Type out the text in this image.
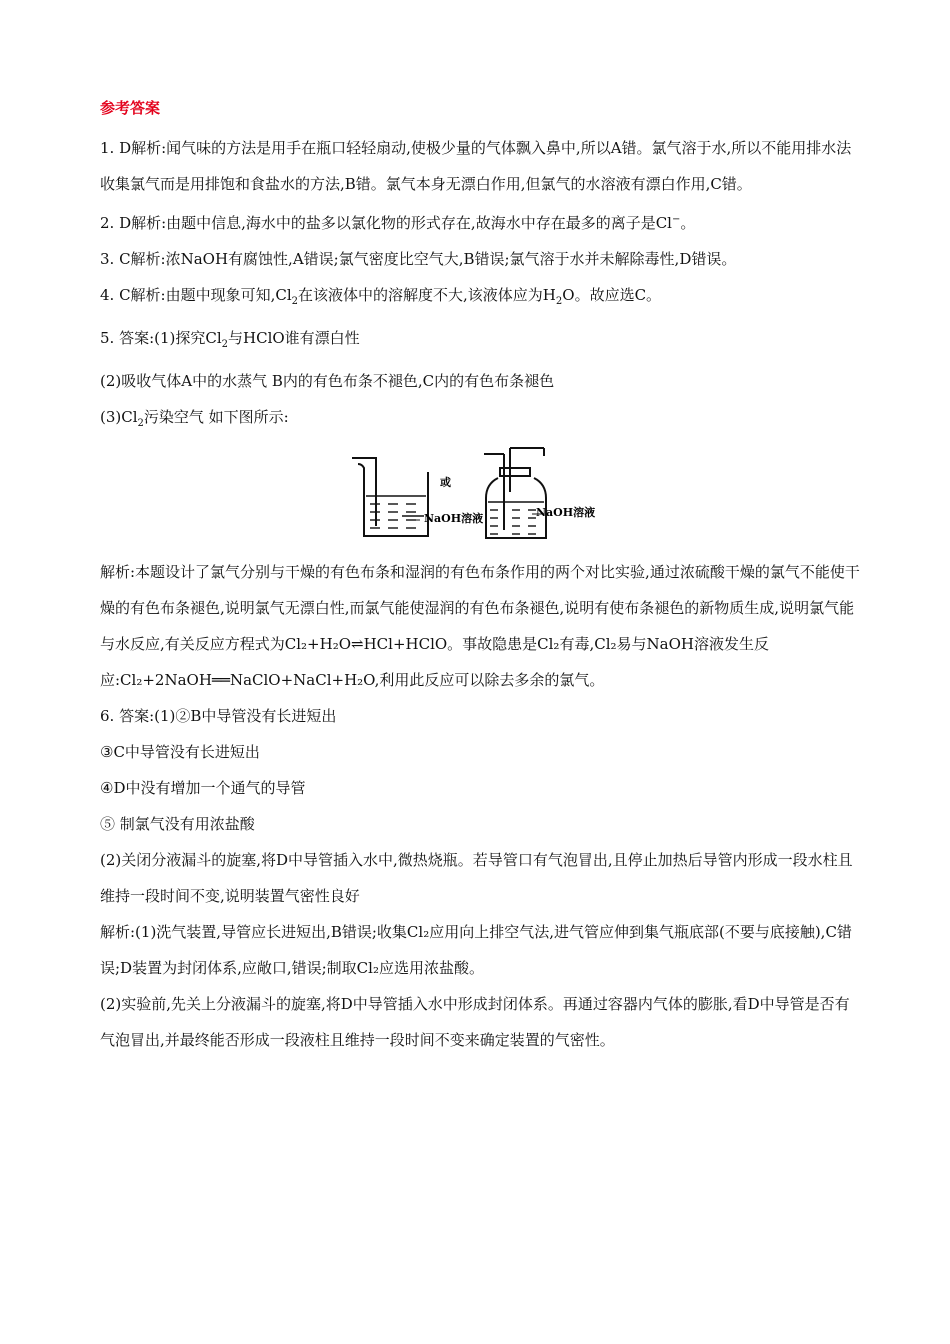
参考答案
1. D解析:闻气味的方法是用手在瓶口轻轻扇动,使极少量的气体飘入鼻中,所以A错。氯气溶于水,所以不能用排水法收集氯气而是用排饱和食盐水的方法,B错。氯气本身无漂白作用,但氯气的水溶液有漂白作用,C错。
2. D解析:由题中信息,海水中的盐多以氯化物的形式存在,故海水中存在最多的离子是Cl−。
3. C解析:浓NaOH有腐蚀性,A错误;氯气密度比空气大,B错误;氯气溶于水并未解除毒性,D错误。
4. C解析:由题中现象可知$,Cl_2$在该液体中的溶解度不大,该液体应为$H_2O$。故应选C。
5. 答案:(1)探究$Cl_2$与HClO谁有漂白性
(2)吸收气体A中的水蒸气 B内的有色布条不褪色,C内的有色布条褪色
$(3)Cl_2$污染空气 如下图所示:
NaOH溶液
或
NaOH溶液
解析:本题设计了氯气分别与干燥的有色布条和湿润的有色布条作用的两个对比实验,通过浓硫酸干燥的氯气不能使干燥的有色布条褪色,说明氯气无漂白性,而氯气能使湿润的有色布条褪色,说明有使布条褪色的新物质生成,说明氯气能与水反应,有关反应方程式为Cl₂+H₂O⇌HCl+HClO。事故隐患是Cl₂有毒,Cl₂易与NaOH溶液发生反应:Cl₂+2NaOH══NaClO+NaCl+H₂O,利用此反应可以除去多余的氯气。
6. 答案:(1)②B中导管没有长进短出
③C中导管没有长进短出
④D中没有增加一个通气的导管
⑤ 制氯气没有用浓盐酸
(2)关闭分液漏斗的旋塞,将D中导管插入水中,微热烧瓶。若导管口有气泡冒出,且停止加热后导管内形成一段水柱且维持一段时间不变,说明装置气密性良好
解析:(1)洗气装置,导管应长进短出,B错误;收集Cl₂应用向上排空气法,进气管应伸到集气瓶底部(不要与底接触),C错误;D装置为封闭体系,应敞口,错误;制取Cl₂应选用浓盐酸。
(2)实验前,先关上分液漏斗的旋塞,将D中导管插入水中形成封闭体系。再通过容器内气体的膨胀,看D中导管是否有气泡冒出,并最终能否形成一段液柱且维持一段时间不变来确定装置的气密性。
